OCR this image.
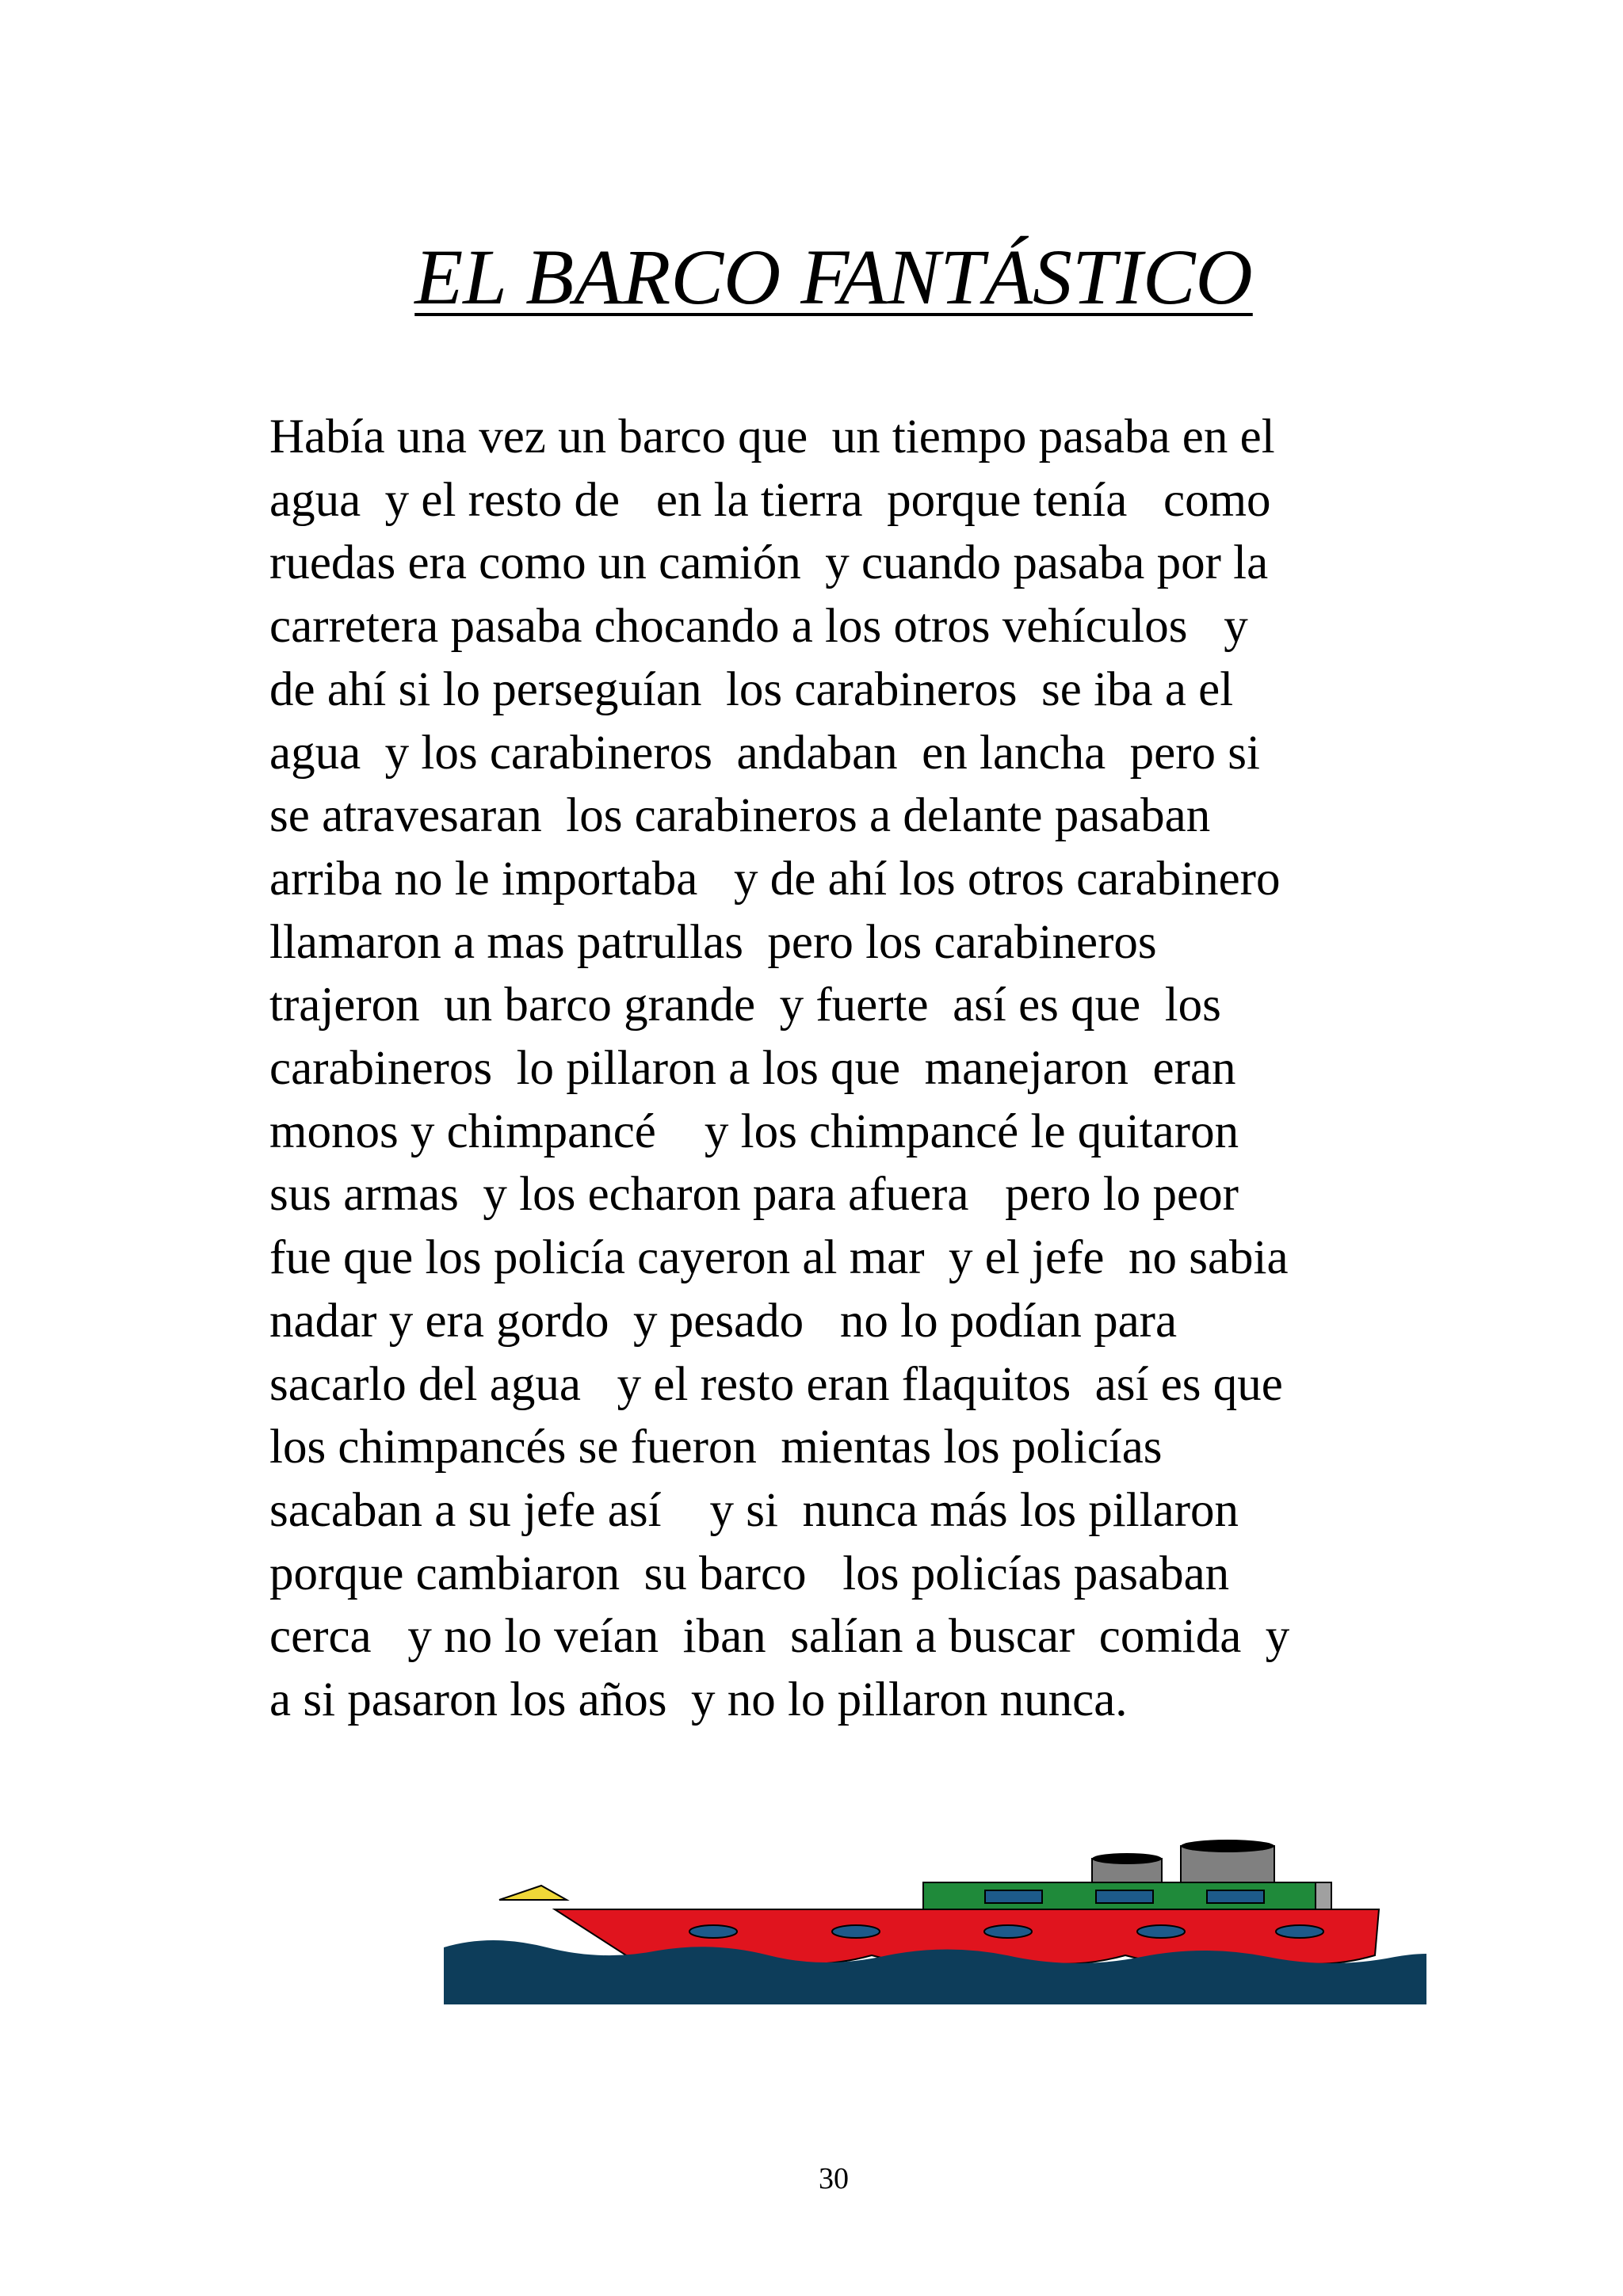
EL BARCO FANTÁSTICO
Había una vez un barco que  un tiempo pasaba en el
agua  y el resto de   en la tierra  porque tenía   como
ruedas era como un camión  y cuando pasaba por la
carretera pasaba chocando a los otros vehículos   y
de ahí si lo perseguían  los carabineros  se iba a el
agua  y los carabineros  andaban  en lancha  pero si
se atravesaran  los carabineros a delante pasaban
arriba no le importaba   y de ahí los otros carabinero
llamaron a mas patrullas  pero los carabineros
trajeron  un barco grande  y fuerte  así es que  los
carabineros  lo pillaron a los que  manejaron  eran
monos y chimpancé    y los chimpancé le quitaron
sus armas  y los echaron para afuera   pero lo peor
fue que los policía cayeron al mar  y el jefe  no sabia
nadar y era gordo  y pesado   no lo podían para
sacarlo del agua   y el resto eran flaquitos  así es que
los chimpancés se fueron  mientas los policías
sacaban a su jefe así    y si  nunca más los pillaron
porque cambiaron  su barco   los policías pasaban
cerca   y no lo veían  iban  salían a buscar  comida  y
a si pasaron los años  y no lo pillaron nunca.
30
